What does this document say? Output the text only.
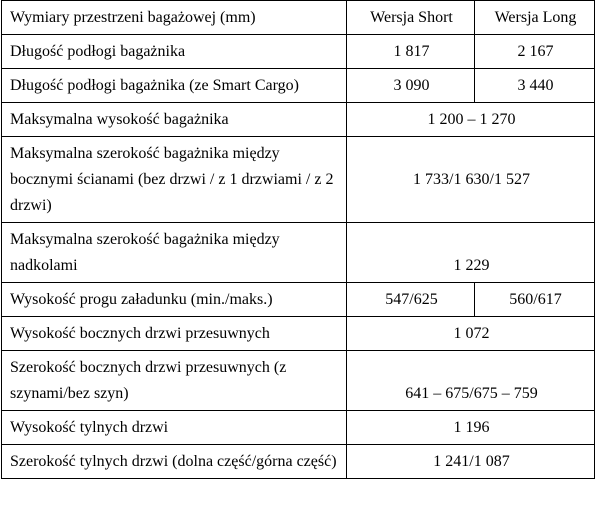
Wymiary przestrzeni bagażowej (mm)	Wersja Short	Wersja Long
Długość podłogi bagażnika	1 817	2 167
Długość podłogi bagażnika (ze Smart Cargo)	3 090	3 440
Maksymalna wysokość bagażnika	1 200 – 1 270	
Maksymalna szerokość bagażnika między bocznymi ścianami (bez drzwi / z 1 drzwiami / z 2 drzwi)	1 733/1 630/1 527	
Maksymalna szerokość bagażnika między nadkolami	1 229	
Wysokość progu załadunku (min./maks.)	547/625	560/617
Wysokość bocznych drzwi przesuwnych	1 072	
Szerokość bocznych drzwi przesuwnych (z szynami/bez szyn)	641 – 675/675 – 759	
Wysokość tylnych drzwi	1 196	
Szerokość tylnych drzwi (dolna część/górna część)	1 241/1 087	
